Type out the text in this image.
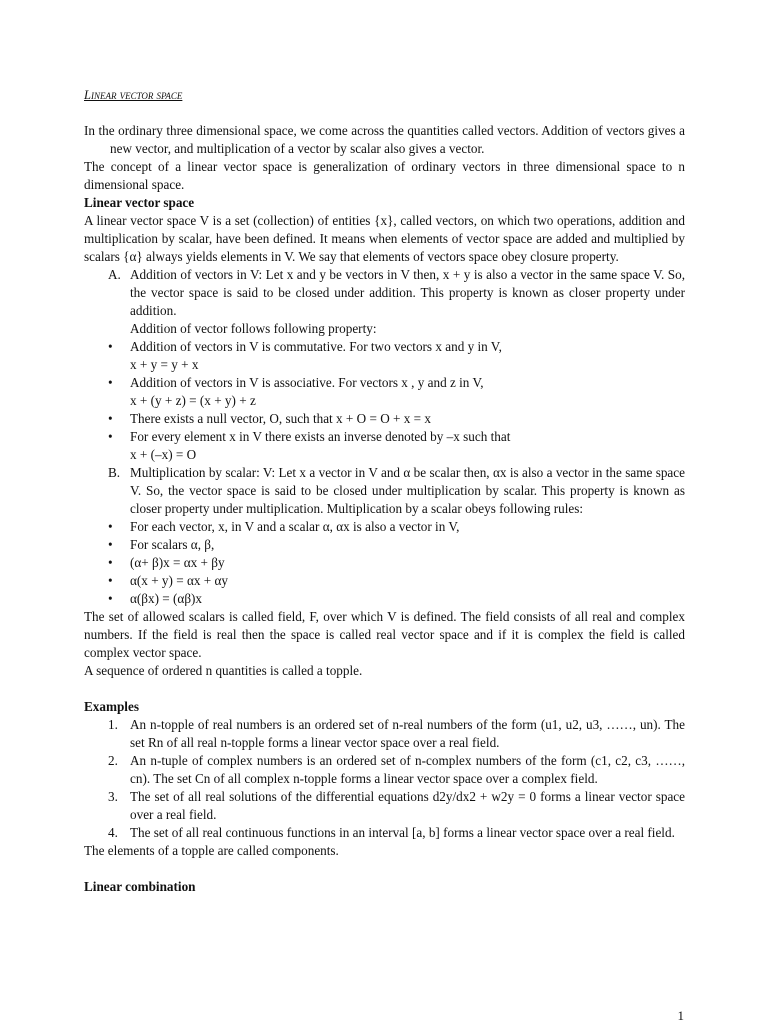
Linear vector space

In the ordinary three dimensional space, we come across the quantities called vectors. Addition of vectors gives a new vector, and multiplication of a vector by scalar also gives a vector.

The concept of a linear vector space is generalization of ordinary vectors in three dimensional space to n dimensional space.

Linear vector space

A linear vector space V is a set (collection) of entities {x}, called vectors, on which two operations, addition and multiplication by scalar, have been defined. It means when elements of vector space are added and multiplied by scalars {α} always yields elements in V. We say that elements of vectors space obey closure property.

A. Addition of vectors in V: Let x and y be vectors in V then, x + y is also a vector in the same space V. So, the vector space is said to be closed under addition. This property is known as closer property under addition.
Addition of vector follows following property:
•	Addition of vectors in V is commutative. For two vectors x and y in V,
x + y = y + x
•	Addition of vectors in V is associative. For vectors x , y and z in V,
x + (y + z) = (x + y) + z
•	There exists a null vector, O, such that x + O = O + x = x
•	For every element x in V there exists an inverse denoted by –x such that
x + (–x) = O
B. Multiplication by scalar: V: Let x a vector in V and α be scalar then, αx is also a vector in the same space V. So, the vector space is said to be closed under multiplication by scalar. This property is known as closer property under multiplication. Multiplication by a scalar obeys following rules:
•	For each vector, x, in V and a scalar α, αx is also a vector in V,
•	For scalars α, β,
•	(α+ β)x = αx + βy
•	α(x + y) = αx + αy
•	α(βx) = (αβ)x

The set of allowed scalars is called field, F, over which V is defined. The field consists of all real and complex numbers. If the field is real then the space is called real vector space and if it is complex the field is called complex vector space.

A sequence of ordered n quantities is called a topple.

Examples
1. An n-topple of real numbers is an ordered set of n-real numbers of the form (u1, u2, u3, ……, un). The set Rn of all real n-topple forms a linear vector space over a real field.
2. An n-tuple of complex numbers is an ordered set of n-complex numbers of the form (c1, c2, c3, ……, cn). The set Cn of all complex n-topple forms a linear vector space over a complex field.
3. The set of all real solutions of the differential equations d2y/dx2 + w2y = 0 forms a linear vector space over a real field.
4. The set of all real continuous functions in an interval [a, b] forms a linear vector space over a real field.

The elements of a topple are called components.

Linear combination
1
